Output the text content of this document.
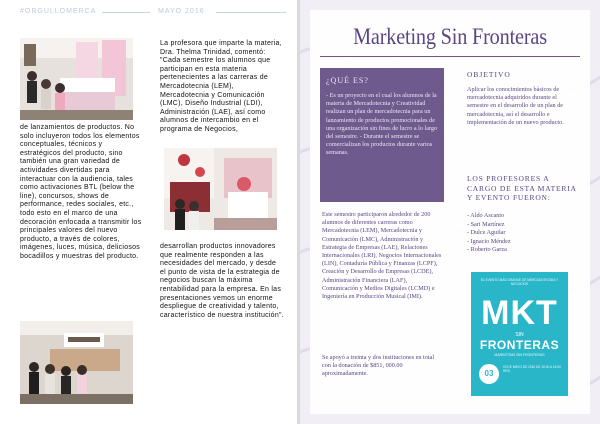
#ORGULLOMERCA	MAYO 2016
La profesora que imparte la materia, Dra. Thelma Trinidad, comentó: "Cada semestre los alumnos que participan en esta materia pertenecientes a las carreras de Mercadotecnia (LEM), Mercadotecnia y Comunicación (LMC), Diseño Industrial (LDI), Administración (LAE), así como alumnos de intercambio en el programa de Negocios,
de lanzamientos de productos. No solo incluyeron todos los elementos conceptuales, técnicos y estratégicos del producto, sino también una gran variedad de actividades divertidas para interactuar con la audiencia, tales como activaciones BTL (below the line), concursos, shows de performance, redes sociales, etc., todo esto en el marco de una decoración enfocada a transmitir los principales valores del nuevo producto, a través de colores, imágenes, luces, música, deliciosos bocadillos y muestras del producto.
desarrollan productos innovadores que realmente responden a las necesidades del mercado, y desde el punto de vista de la estrategia de negocios buscan la máxima rentabilidad para la empresa. En las presentaciones vemos un enorme despliegue de creatividad y talento, característico de nuestra institución".
Marketing Sin Fronteras
¿QUÉ ES?
- Es un proyecto en el cual los alumnos de la materia de Mercadotecnia y Creatividad realizan un plan de mercadotecnia para un lanzamiento de productos promocionales de una organización sin fines de lucro a lo largo del semestre. - Durante el semestre se comercializan los productos durante varios semanas.
Este semestre participaron alrededor de 200 alumnos de diferentes carreras como Mercadotecnia (LEM), Mercadotecnia y Comunicación (LMC), Administración y Estrategia de Empresas (LAE), Relaciones Internacionales (LRI), Negocios Internacionales (LIN), Contaduría Pública y Finanzas (LCPF), Creación y Desarrollo de Empresas (LCDE), Administración Financiera (LAF), Comunicación y Medios Digitales (LCMD) e Ingeniería en Producción Musical (IMI).
Se apoyó a treinta y dos instituciones en total con la donación de $851, 000.00 aproximadamente.
OBJETIVO
Aplicar los conocimientos básicos de mercadotecnia adquiridos durante el semestre en el desarrollo de un plan de mercadotecnia, así el desarrollo e implementación de un nuevo producto.
LOS PROFESORES A CARGO DE ESTA MATERIA Y EVENTO FUERON:
- Aldo Ascanio
- Sari Martínez
- Dulce Aguilar
- Ignacio Méndez
- Roberto Garza
EL EVENTO MÁS GRANDE DE MERCADOTECNIA Y NEGOCIOS
MKT
SIN
FRONTERAS
MARKETING SIN FRONTERAS
03
03 DE MAYO DE 2016 DE 10:00 A 16:00 HRS.
